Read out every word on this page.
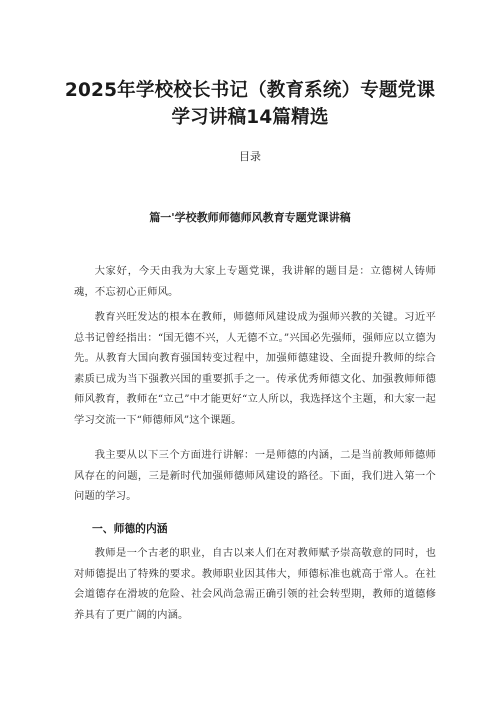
2025年学校校长书记（教育系统）专题党课
学习讲稿14篇精选
目录
篇一'学校教师师德师风教育专题党课讲稿

大家好，今天由我为大家上专题党课，我讲解的题目是：立德树人铸师魂，不忘初心正师风。

教育兴旺发达的根本在教师，师德师风建设成为强师兴教的关键。习近平总书记曾经指出：“国无德不兴，人无德不立。”兴国必先强师，强师应以立德为先。从教育大国向教育强国转变过程中，加强师德建设、全面提升教师的综合素质已成为当下强教兴国的重要抓手之一。传承优秀师德文化、加强教师师德师风教育，教师在“立己”中才能更好“立人所以，我选择这个主题，和大家一起学习交流一下“师德师风”这个课题。

我主要从以下三个方面进行讲解：一是师德的内涵，二是当前教师师德师风存在的问题，三是新时代加强师德师风建设的路径。下面，我们进入第一个问题的学习。

一、师德的内涵

教师是一个古老的职业，自古以来人们在对教师赋予崇高敬意的同时，也对师德提出了特殊的要求。教师职业因其伟大，师德标准也就高于常人。在社会道德存在滑坡的危险、社会风尚急需正确引领的社会转型期，教师的道德修养具有了更广阔的内涵。
